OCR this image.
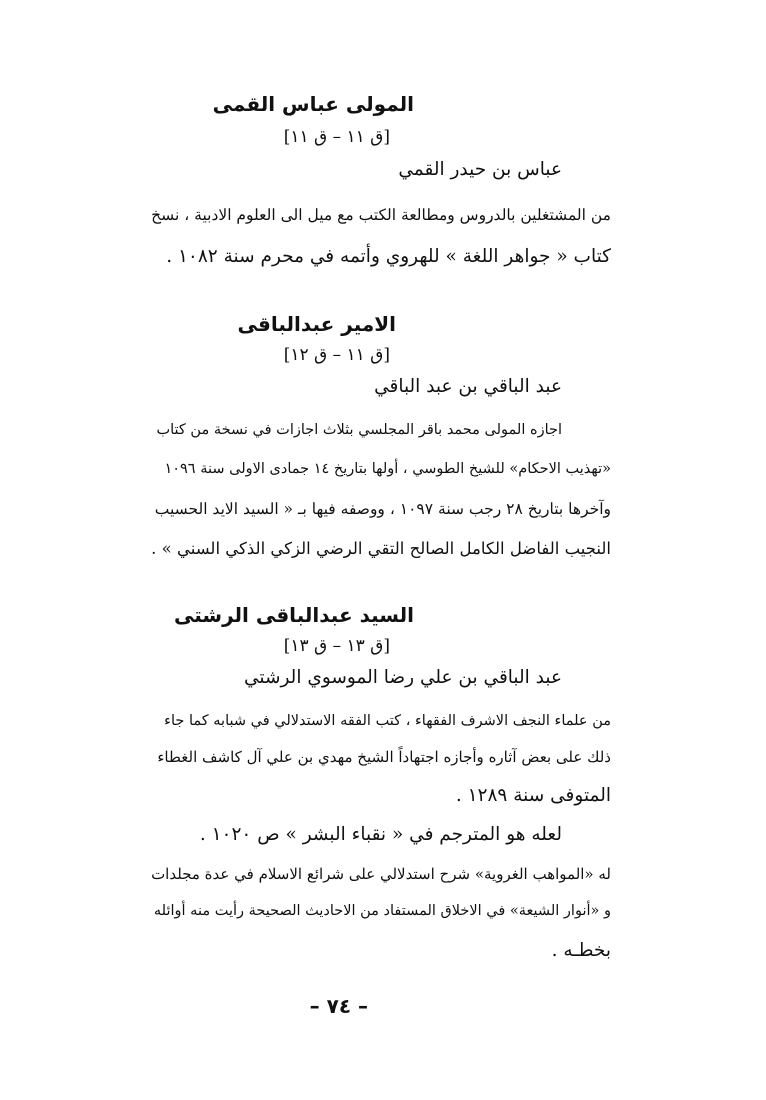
المولى عباس القمى
[ق ١١ – ق ١١]
عباس بن حيدر القمي
من المشتغلين بالدروس ومطالعة الكتب مع ميل الى العلوم الادبية ، نسخ
كتاب « جواهر اللغة » للهروي وأتمه في محرم سنة ١٠٨٢ .
الامير عبدالباقى
[ق ١١ – ق ١٢]
عبد الباقي بن عبد الباقي
اجازه المولى محمد باقر المجلسي بثلاث اجازات في نسخة من كتاب
«تهذيب الاحكام» للشيخ الطوسي ، أولها بتاريخ ١٤ جمادى الاولى سنة ١٠٩٦
وآخرها بتاريخ ٢٨ رجب سنة ١٠٩٧ ، ووصفه فيها بـ « السيد الايد الحسيب
النجيب الفاضل الكامل الصالح التقي الرضي الزكي الذكي السني » .
السيد عبدالباقى الرشتى
[ق ١٣ – ق ١٣]
عبد الباقي بن علي رضا الموسوي الرشتي
من علماء النجف الاشرف الفقهاء ، كتب الفقه الاستدلالي في شبابه كما جاء
ذلك على بعض آثاره وأجازه اجتهاداً الشيخ مهدي بن علي آل كاشف الغطاء
المتوفى سنة ١٢٨٩ .
لعله هو المترجم في « نقباء البشر » ص ١٠٢٠ .
له «المواهب الغروية» شرح استدلالي على شرائع الاسلام في عدة مجلدات
و «أنوار الشيعة» في الاخلاق المستفاد من الاحاديث الصحيحة رأيت منه أوائله
بخطـه .
– ٧٤ –
